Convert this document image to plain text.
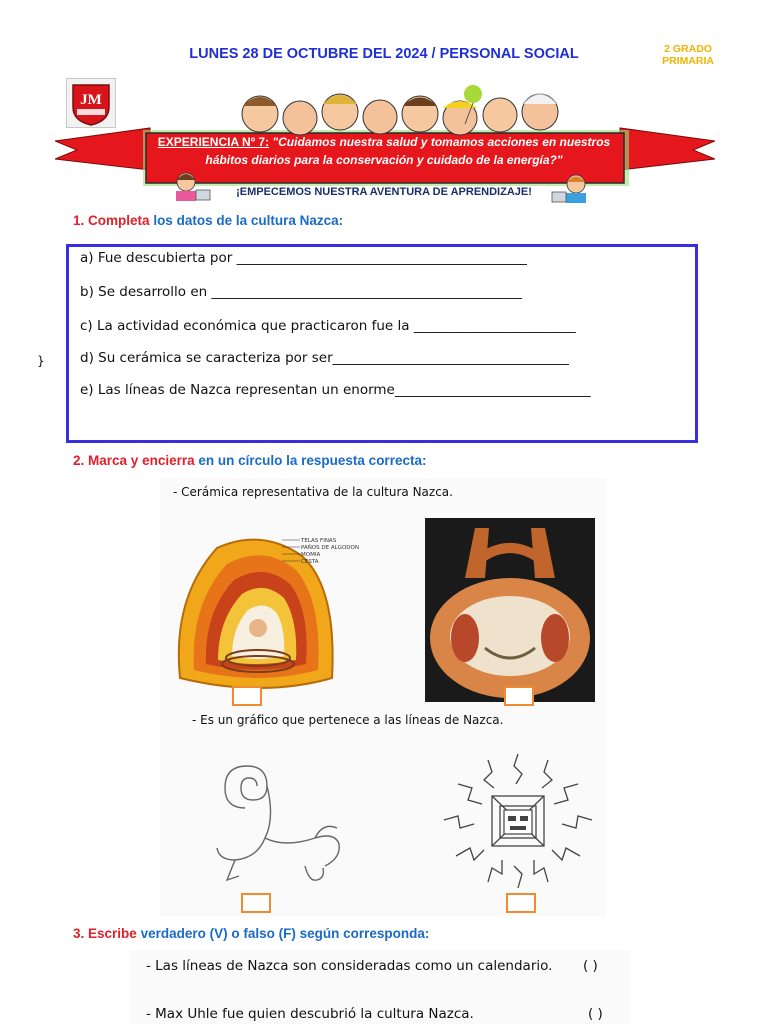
LUNES 28 DE OCTUBRE DEL 2024 / PERSONAL SOCIAL	2 GRADO
PRIMARIA
JM
EXPERIENCIA Nº 7: "Cuidamos nuestra salud y tomamos acciones en nuestros hábitos diarios para la conservación y cuidado de la energía?"
¡EMPECEMOS NUESTRA AVENTURA DE APRENDIZAJE!
1. Completa los datos de la cultura Nazca:
a) Fue descubierta por ___________________________________________
b) Se desarrollo en ______________________________________________
c) La actividad económica que practicaron fue la ________________________
d) Su cerámica se caracteriza por ser___________________________________
e) Las líneas de Nazca representan un enorme_____________________________
}
2. Marca y encierra en un círculo la respuesta correcta:
- Cerámica representativa de la cultura Nazca.
TELAS FINAS
PAÑOS DE ALGODON
MOMIA
CESTA
- Es un gráfico que pertenece a las líneas de Nazca.
3. Escribe verdadero (V) o falso (F) según corresponda:
- Las líneas de Nazca son consideradas como un calendario. ( )
- Max Uhle fue quien descubrió la cultura Nazca.	( )
